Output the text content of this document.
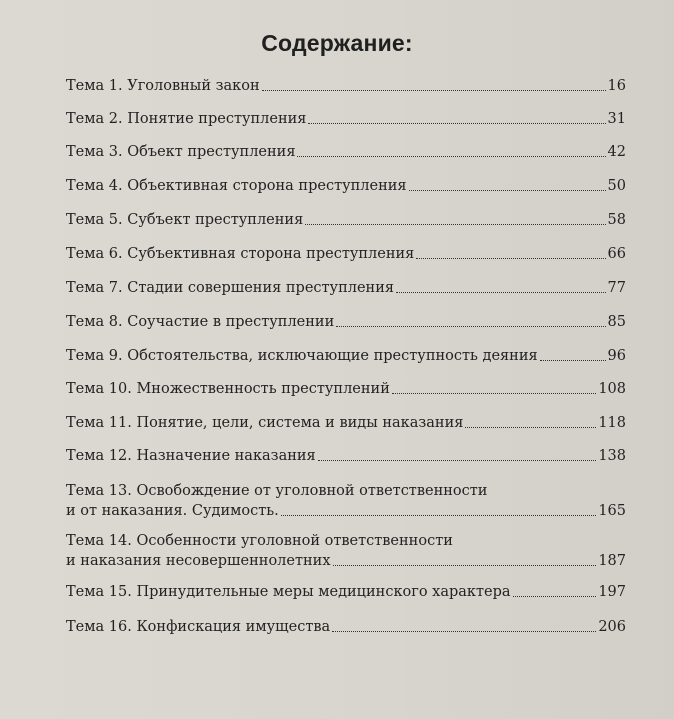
Содержание:
Тема 1. Уголовный закон	16
Тема 2. Понятие преступления	31
Тема 3. Объект преступления	42
Тема 4. Объективная сторона преступления	50
Тема 5. Субъект преступления	58
Тема 6. Субъективная сторона преступления	66
Тема 7. Стадии совершения преступления	77
Тема 8. Соучастие в преступлении	85
Тема 9. Обстоятельства, исключающие преступность деяния	96
Тема 10. Множественность преступлений	108
Тема 11. Понятие, цели, система и виды наказания	118
Тема 12. Назначение наказания	138
Тема 13. Освобождение от уголовной ответственности
и от наказания. Судимость.	165
Тема 14. Особенности уголовной ответственности
и наказания несовершеннолетних	187
Тема 15. Принудительные меры медицинского характера	197
Тема 16. Конфискация имущества	206
